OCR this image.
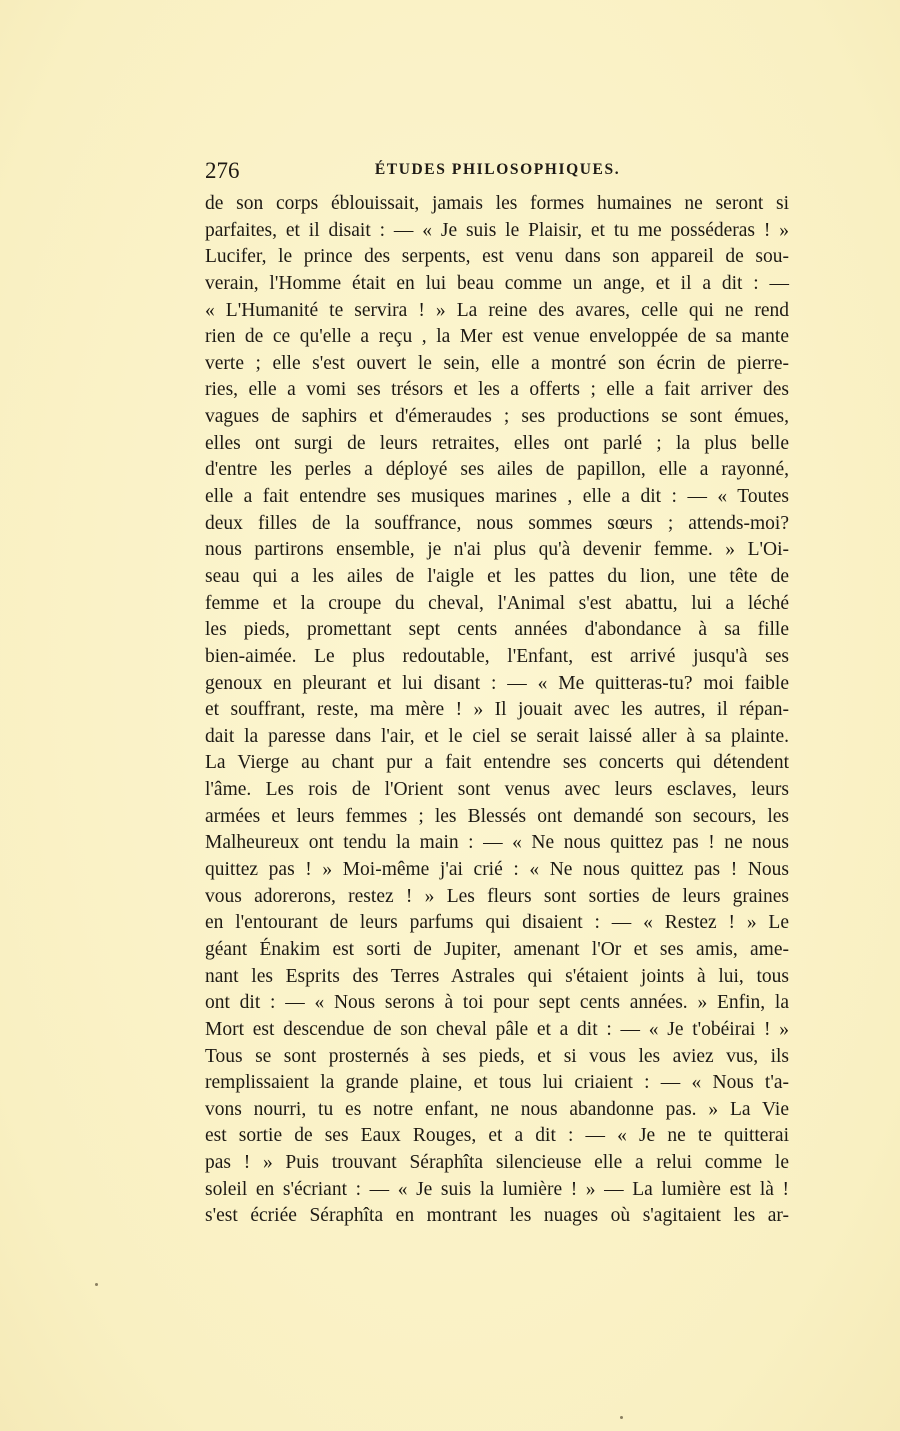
276	ÉTUDES PHILOSOPHIQUES.
de son corps éblouissait, jamais les formes humaines ne seront si
parfaites, et il disait : — « Je suis le Plaisir, et tu me posséderas ! »
Lucifer, le prince des serpents, est venu dans son appareil de sou-
verain, l'Homme était en lui beau comme un ange, et il a dit : —
« L'Humanité te servira ! » La reine des avares, celle qui ne rend
rien de ce qu'elle a reçu , la Mer est venue enveloppée de sa mante
verte ; elle s'est ouvert le sein, elle a montré son écrin de pierre-
ries, elle a vomi ses trésors et les a offerts ; elle a fait arriver des
vagues de saphirs et d'émeraudes ; ses productions se sont émues,
elles ont surgi de leurs retraites, elles ont parlé ; la plus belle
d'entre les perles a déployé ses ailes de papillon, elle a rayonné,
elle a fait entendre ses musiques marines , elle a dit : — « Toutes
deux filles de la souffrance, nous sommes sœurs ; attends-moi?
nous partirons ensemble, je n'ai plus qu'à devenir femme. » L'Oi-
seau qui a les ailes de l'aigle et les pattes du lion, une tête de
femme et la croupe du cheval, l'Animal s'est abattu, lui a léché
les pieds, promettant sept cents années d'abondance à sa fille
bien-aimée. Le plus redoutable, l'Enfant, est arrivé jusqu'à ses
genoux en pleurant et lui disant : — « Me quitteras-tu? moi faible
et souffrant, reste, ma mère ! » Il jouait avec les autres, il répan-
dait la paresse dans l'air, et le ciel se serait laissé aller à sa plainte.
La Vierge au chant pur a fait entendre ses concerts qui détendent
l'âme. Les rois de l'Orient sont venus avec leurs esclaves, leurs
armées et leurs femmes ; les Blessés ont demandé son secours, les
Malheureux ont tendu la main : — « Ne nous quittez pas ! ne nous
quittez pas ! » Moi-même j'ai crié : « Ne nous quittez pas ! Nous
vous adorerons, restez ! » Les fleurs sont sorties de leurs graines
en l'entourant de leurs parfums qui disaient : — « Restez ! » Le
géant Énakim est sorti de Jupiter, amenant l'Or et ses amis, ame-
nant les Esprits des Terres Astrales qui s'étaient joints à lui, tous
ont dit : — « Nous serons à toi pour sept cents années. » Enfin, la
Mort est descendue de son cheval pâle et a dit : — « Je t'obéirai ! »
Tous se sont prosternés à ses pieds, et si vous les aviez vus, ils
remplissaient la grande plaine, et tous lui criaient : — « Nous t'a-
vons nourri, tu es notre enfant, ne nous abandonne pas. » La Vie
est sortie de ses Eaux Rouges, et a dit : — « Je ne te quitterai
pas ! » Puis trouvant Séraphîta silencieuse elle a relui comme le
soleil en s'écriant : — « Je suis la lumière ! » — La lumière est là !
s'est écriée Séraphîta en montrant les nuages où s'agitaient les ar-
